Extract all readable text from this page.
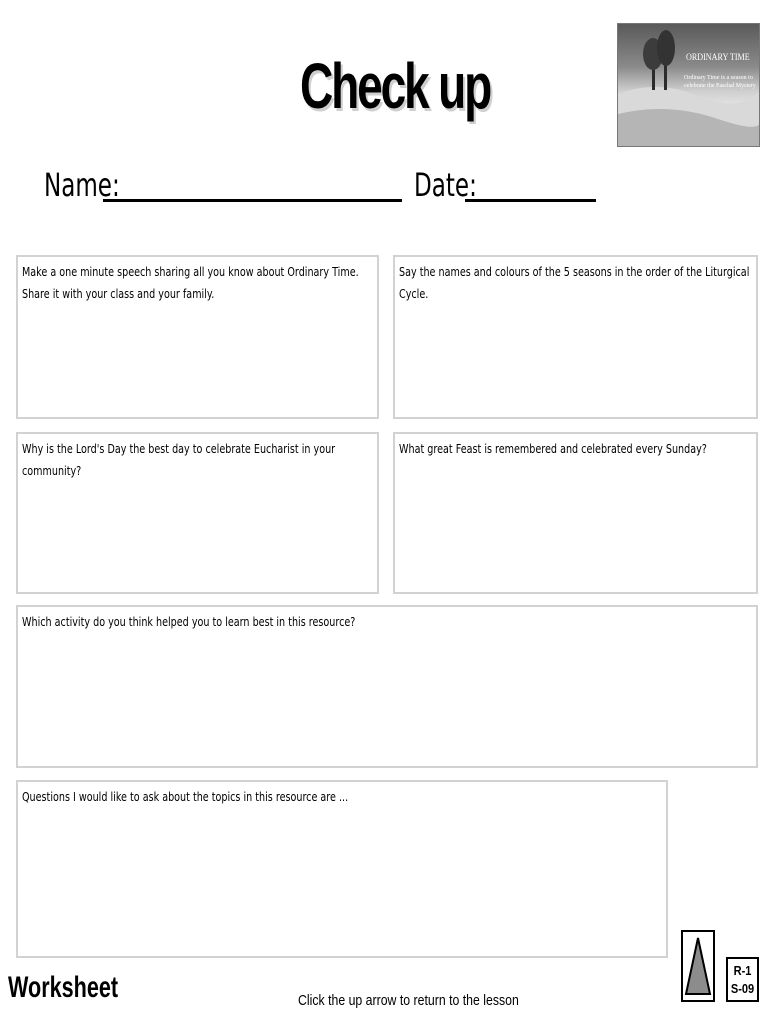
Check up	ORDINARY TIME
Ordinary Time is a season to celebrate the Paschal Mystery
Name:	Date:
Make a one minute speech sharing all you know about Ordinary Time. Share it with your class and your family.
Say the names and colours of the 5 seasons in the order of the Liturgical Cycle.
Why is the Lord's Day the best day to celebrate Eucharist in your community?
What great Feast is remembered and celebrated every Sunday?
Which activity do you think helped you to learn best in this resource?
Questions I would like to ask about the topics in this resource are ...
R-1
S-09
Worksheet	Click the up arrow to return to the lesson
